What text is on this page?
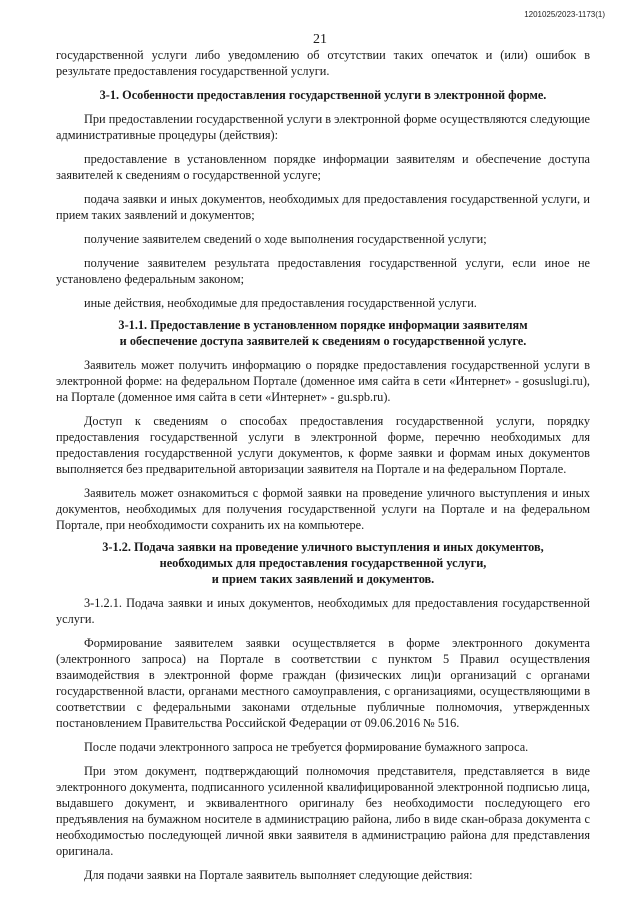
1201025/2023-1173(1)
21

государственной услуги либо уведомлению об отсутствии таких опечаток и (или) ошибок в результате предоставления государственной услуги.

3-1. Особенности предоставления государственной услуги в электронной форме.

При предоставлении государственной услуги в электронной форме осуществляются следующие административные процедуры (действия):

предоставление в установленном порядке информации заявителям и обеспечение доступа заявителей к сведениям о государственной услуге;

подача заявки и иных документов, необходимых для предоставления государственной услуги, и прием таких заявлений и документов;

получение заявителем сведений о ходе выполнения государственной услуги;

получение заявителем результата предоставления государственной услуги, если иное не установлено федеральным законом;

иные действия, необходимые для предоставления государственной услуги.

3-1.1. Предоставление в установленном порядке информации заявителям
и обеспечение доступа заявителей к сведениям о государственной услуге.

Заявитель может получить информацию о порядке предоставления государственной услуги в электронной форме: на федеральном Портале (доменное имя сайта в сети «Интернет» - gosuslugi.ru), на Портале (доменное имя сайта в сети «Интернет» - gu.spb.ru).

Доступ к сведениям о способах предоставления государственной услуги, порядку предоставления государственной услуги в электронной форме, перечню необходимых для предоставления государственной услуги документов, к форме заявки и формам иных документов выполняется без предварительной авторизации заявителя на Портале и на федеральном Портале.

Заявитель может ознакомиться с формой заявки на проведение уличного выступления и иных документов, необходимых для получения государственной услуги на Портале и на федеральном Портале, при необходимости сохранить их на компьютере.

3-1.2. Подача заявки на проведение уличного выступления и иных документов,
необходимых для предоставления государственной услуги,
и прием таких заявлений и документов.

3-1.2.1. Подача заявки и иных документов, необходимых для предоставления государственной услуги.

Формирование заявителем заявки осуществляется в форме электронного документа (электронного запроса) на Портале в соответствии с пунктом 5 Правил осуществления взаимодействия в электронной форме граждан (физических лиц)и организаций с органами государственной власти, органами местного самоуправления, с организациями, осуществляющими в соответствии с федеральными законами отдельные публичные полномочия, утвержденных постановлением Правительства Российской Федерации от 09.06.2016 № 516.

После подачи электронного запроса не требуется формирование бумажного запроса.

При этом документ, подтверждающий полномочия представителя, представляется в виде электронного документа, подписанного усиленной квалифицированной электронной подписью лица, выдавшего документ, и эквивалентного оригиналу без необходимости последующего его предъявления на бумажном носителе в администрацию района, либо в виде скан-образа документа с необходимостью последующей личной явки заявителя в администрацию района для представления оригинала.

Для подачи заявки на Портале заявитель выполняет следующие действия:
